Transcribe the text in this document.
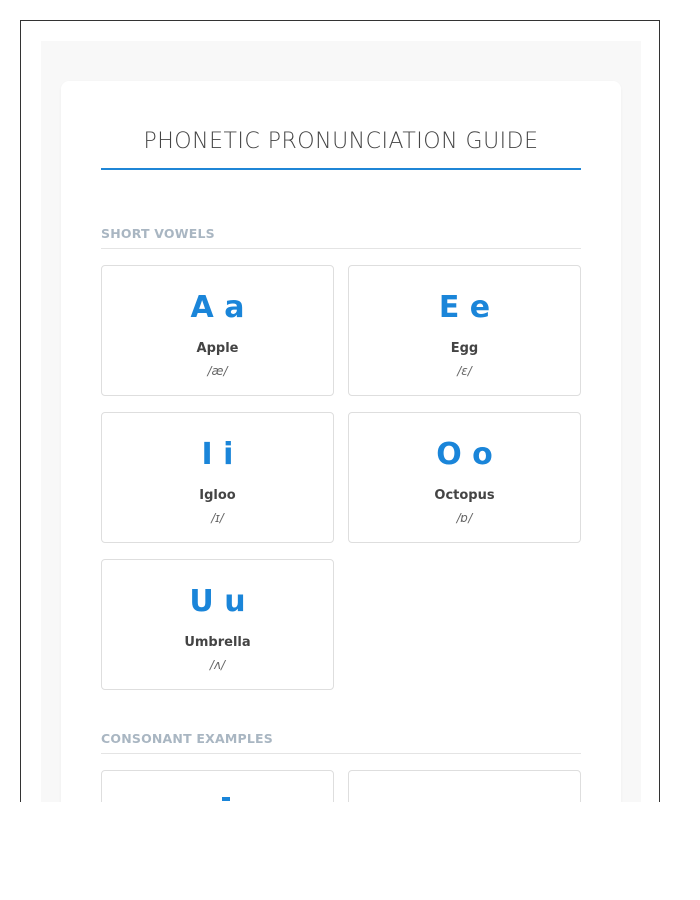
PHONETIC PRONUNCIATION GUIDE
SHORT VOWELS
A a
Apple
/æ/
E e
Egg
/ɛ/
I i
Igloo
/ɪ/
O o
Octopus
/ɒ/
U u
Umbrella
/ʌ/
CONSONANT EXAMPLES
